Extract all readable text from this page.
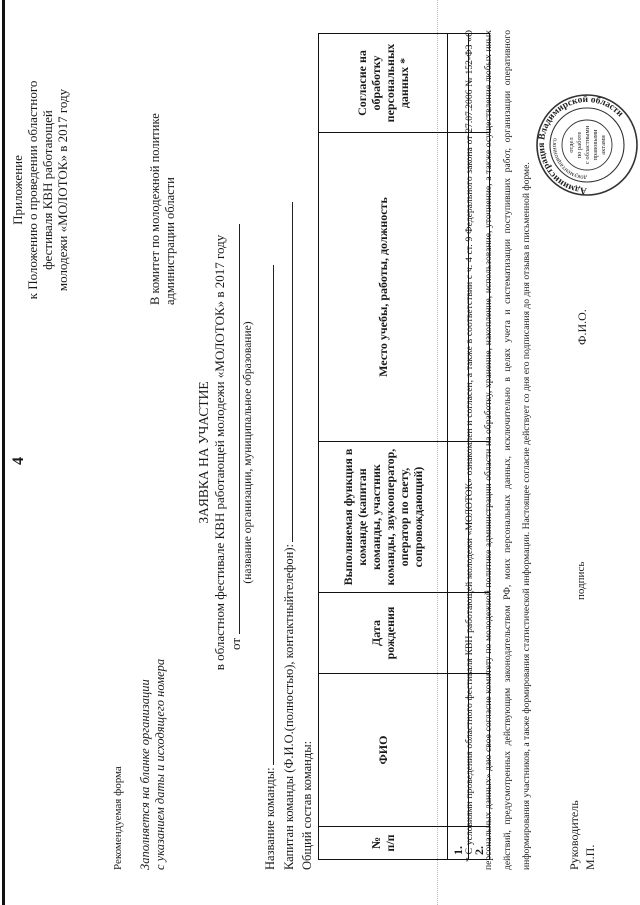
4
Приложение к Положению о проведении областного фестиваля КВН работающей молодежи «МОЛОТОК» в 2017 году	В комитет по молодежной политике администрации области
Рекомендуемая форма Заполняется на бланке организации с указанием даты и исходящего номера
ЗАЯВКА НА УЧАСТИЕ в областном фестивале КВН работающей молодежи «МОЛОТОК» в 2017 году от
(название организации, муниципальное образование)
Название команды: Капитан команды (Ф.И.О.(полностью), контактныйтелефон): Общий состав команды:	№ п/п	ФИО	Дата рождения	Выполняемая функция в команде (капитан команды, участник команды, звукооператор, оператор по свету, сопровождающий)	Место учебы, работы, должность	Согласие на обработку персональных данных *
1.					
2.					
* С условиями проведения областного фестиваля КВН работающей молодежи «МОЛОТОК» ознакомлен и согласен, а также в соответствии с ч. 4 ст. 9 Федерального закона от 27.07.2006 № 152-ФЗ «О персональных данных» даю свое согласие комитету по молодежной политике администрации области на обработку, хранение, накопление, использование, уточнение, а также осуществление любых иных действий, предусмотренных действующим законодательством РФ, моих персональных данных, исключительно в целях учета и систематизации поступивших работ, организации оперативного информирования участников, а также формирования статистической информации. Настоящее согласие действует со дня его подписания до дня отзыва в письменной форме.	Руководитель М.П.
подпись
Ф.И.О.
Администрация Владимирской области
документационного	отдел по работе с областными правовыми актами
